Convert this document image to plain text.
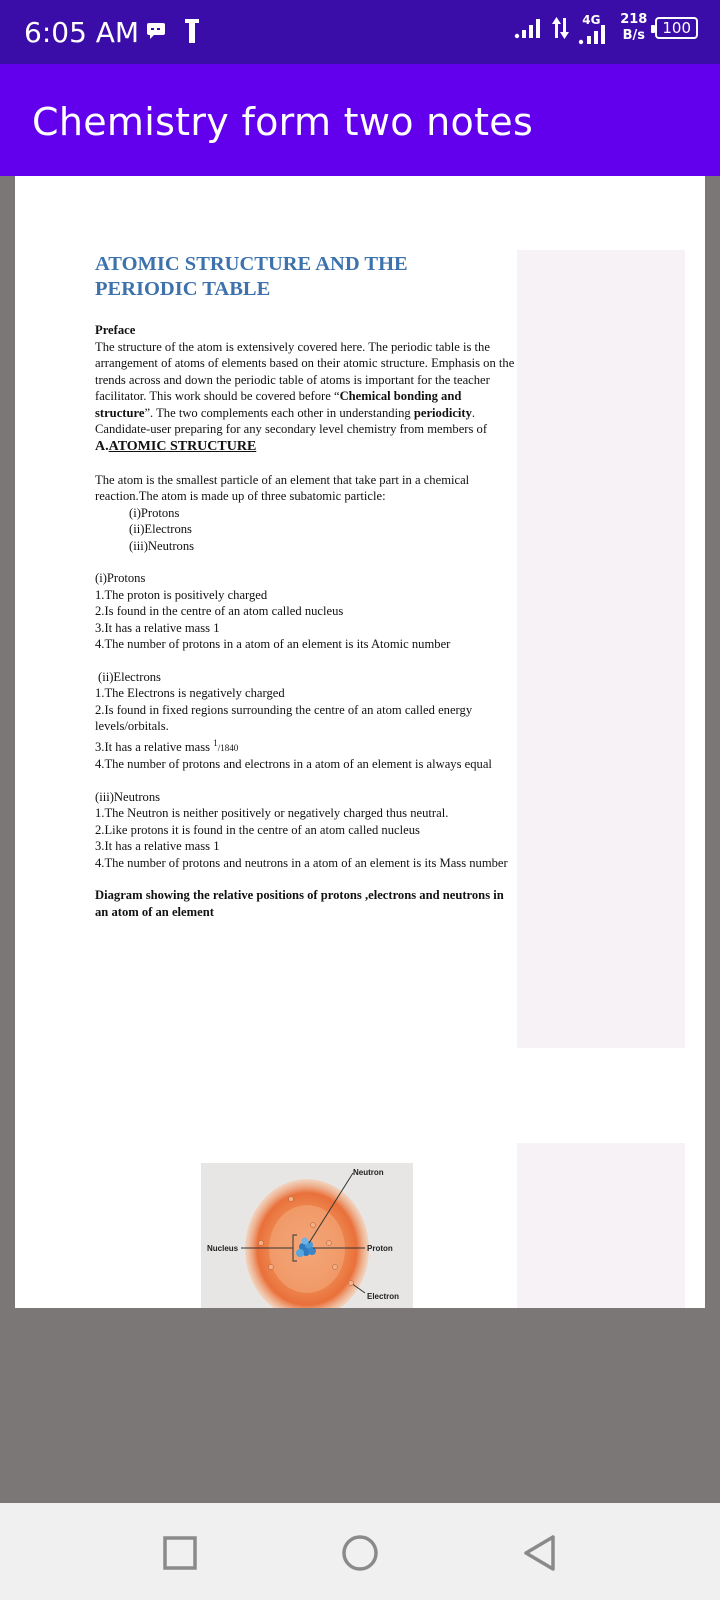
6:05 AM	4G 218
B/s	100
Chemistry form two notes
ATOMIC STRUCTURE AND THE
PERIODIC TABLE
Preface
The structure of the atom is extensively covered here. The periodic table is the arrangement of atoms of elements based on their atomic structure. Emphasis on the trends across and down the periodic table of atoms is important for the teacher facilitator. This work should be covered before “Chemical bonding and structure”. The two complements each other in understanding periodicity. Candidate-user preparing for any secondary level chemistry from members of
A.ATOMIC STRUCTURE
The atom is the smallest particle of an element that take part in a chemical reaction.The atom is made up of three subatomic particle:
(i)Protons
(ii)Electrons
(iii)Neutrons
(i)Protons
1.The proton is positively charged
2.Is found in the centre of an atom called nucleus
3.It has a relative mass 1
4.The number of protons in a atom of an element is its Atomic number
(ii)Electrons
1.The Electrons is negatively charged
2.Is found in fixed regions surrounding the centre of an atom called energy levels/orbitals.
3.It has a relative mass $^1$/1840
4.The number of protons and electrons in a atom of an element is always equal
(iii)Neutrons
1.The Neutron is neither positively or negatively charged thus neutral.
2.Like protons it is found in the centre of an atom called nucleus
3.It has a relative mass 1
4.The number of protons and neutrons in a atom of an element is its Mass number
Diagram showing the relative positions of protons ,electrons and neutrons in an atom of an element
Neutron
Nucleus	Proton
Electron
